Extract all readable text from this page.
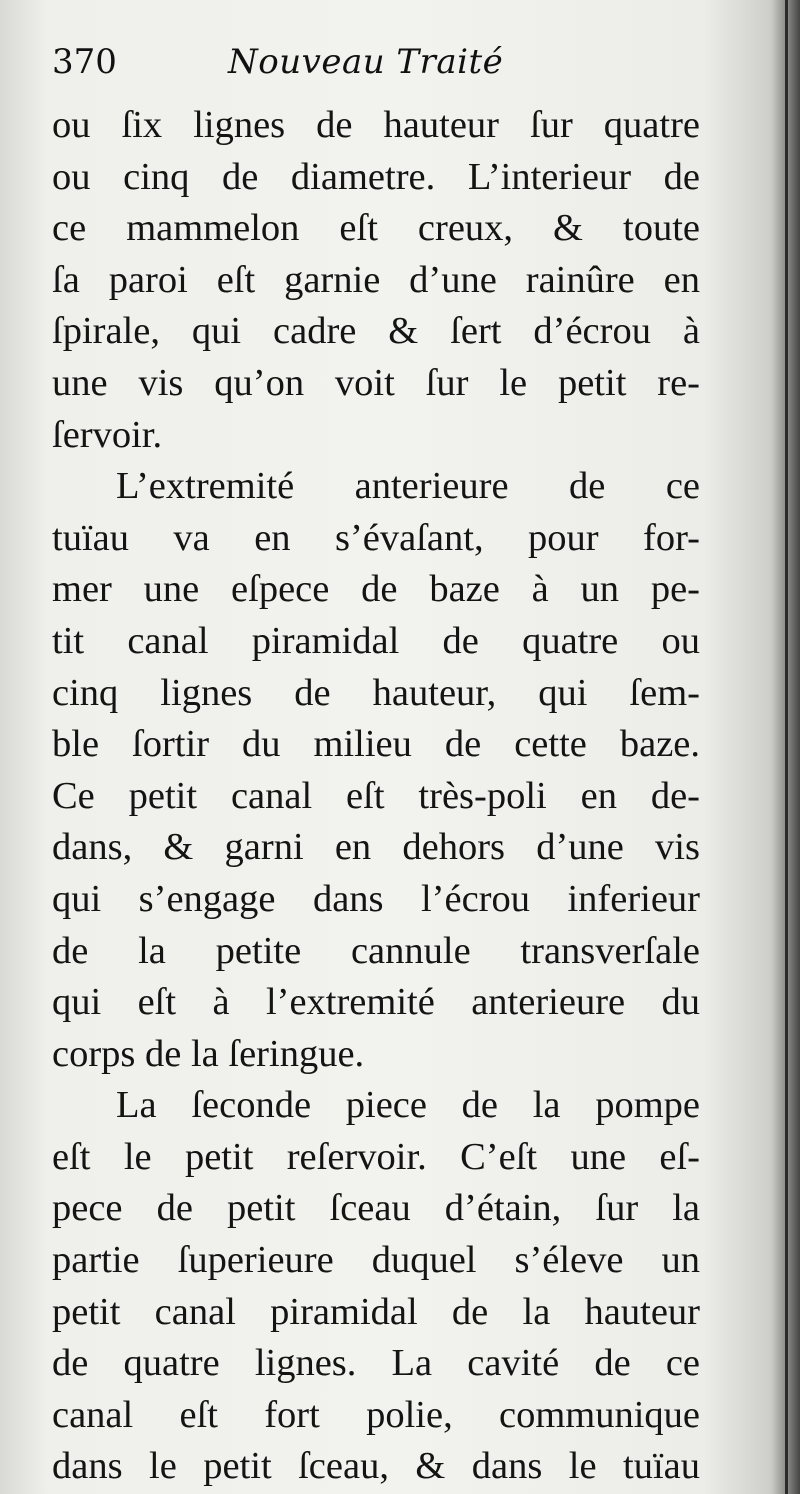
370	Nouveau Traité
ou ſix lignes de hauteur ſur quatre
ou cinq de diametre. L’interieur de
ce mammelon eſt creux, & toute
ſa paroi eſt garnie d’une rainûre en
ſpirale, qui cadre & ſert d’écrou à
une vis qu’on voit ſur le petit re-
ſervoir.
L’extremité anterieure de ce
tuïau va en s’évaſant, pour for-
mer une eſpece de baze à un pe-
tit canal piramidal de quatre ou
cinq lignes de hauteur, qui ſem-
ble ſortir du milieu de cette baze.
Ce petit canal eſt très-poli en de-
dans, & garni en dehors d’une vis
qui s’engage dans l’écrou inferieur
de la petite cannule transverſale
qui eſt à l’extremité anterieure du
corps de la ſeringue.
La ſeconde piece de la pompe
eſt le petit reſervoir. C’eſt une eſ-
pece de petit ſceau d’étain, ſur la
partie ſuperieure duquel s’éleve un
petit canal piramidal de la hauteur
de quatre lignes. La cavité de ce
canal eſt fort polie, communique
dans le petit ſceau, & dans le tuïau
